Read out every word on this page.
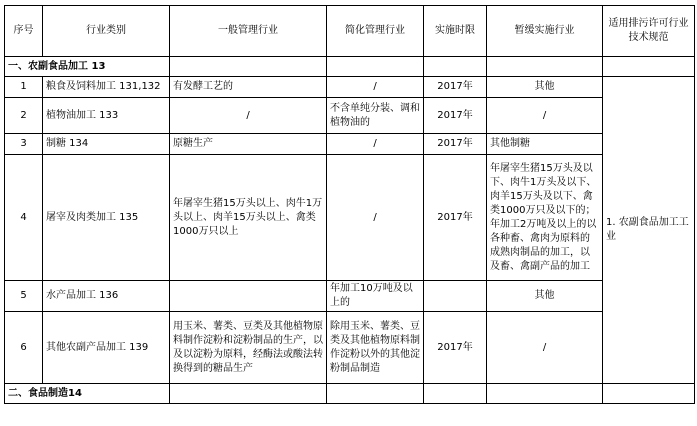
序号	行业类别	一般管理行业	简化管理行业	实施时限	暂缓实施行业	适用排污许可行业技术规范
一、农副食品加工 13						
1	粮食及饲料加工 131,132	有发酵工艺的	/	2017年	其他	1. 农副食品加工工业
2	植物油加工 133	/	不含单纯分装、调和植物油的	2017年	/	
3	制糖 134	原糖生产	/	2017年	其他制糖	
4	屠宰及肉类加工 135	年屠宰生猪15万头以上、肉牛1万头以上、肉羊15万头以上、禽类1000万只以上	/	2017年	年屠宰生猪15万头及以下、肉牛1万头及以下、肉羊15万头及以下、禽类1000万只及以下的；年加工2万吨及以上的以各种畜、禽肉为原料的成熟肉制品的加工，以及畜、禽副产品的加工	
5	水产品加工 136		年加工10万吨及以上的		其他	
6	其他农副产品加工 139	用玉米、薯类、豆类及其他植物原料制作淀粉和淀粉制品的生产，以及以淀粉为原料，经酶法或酸法转换得到的糖品生产	除用玉米、薯类、豆类及其他植物原料制作淀粉以外的其他淀粉制品制造	2017年	/	
二、食品制造14						
